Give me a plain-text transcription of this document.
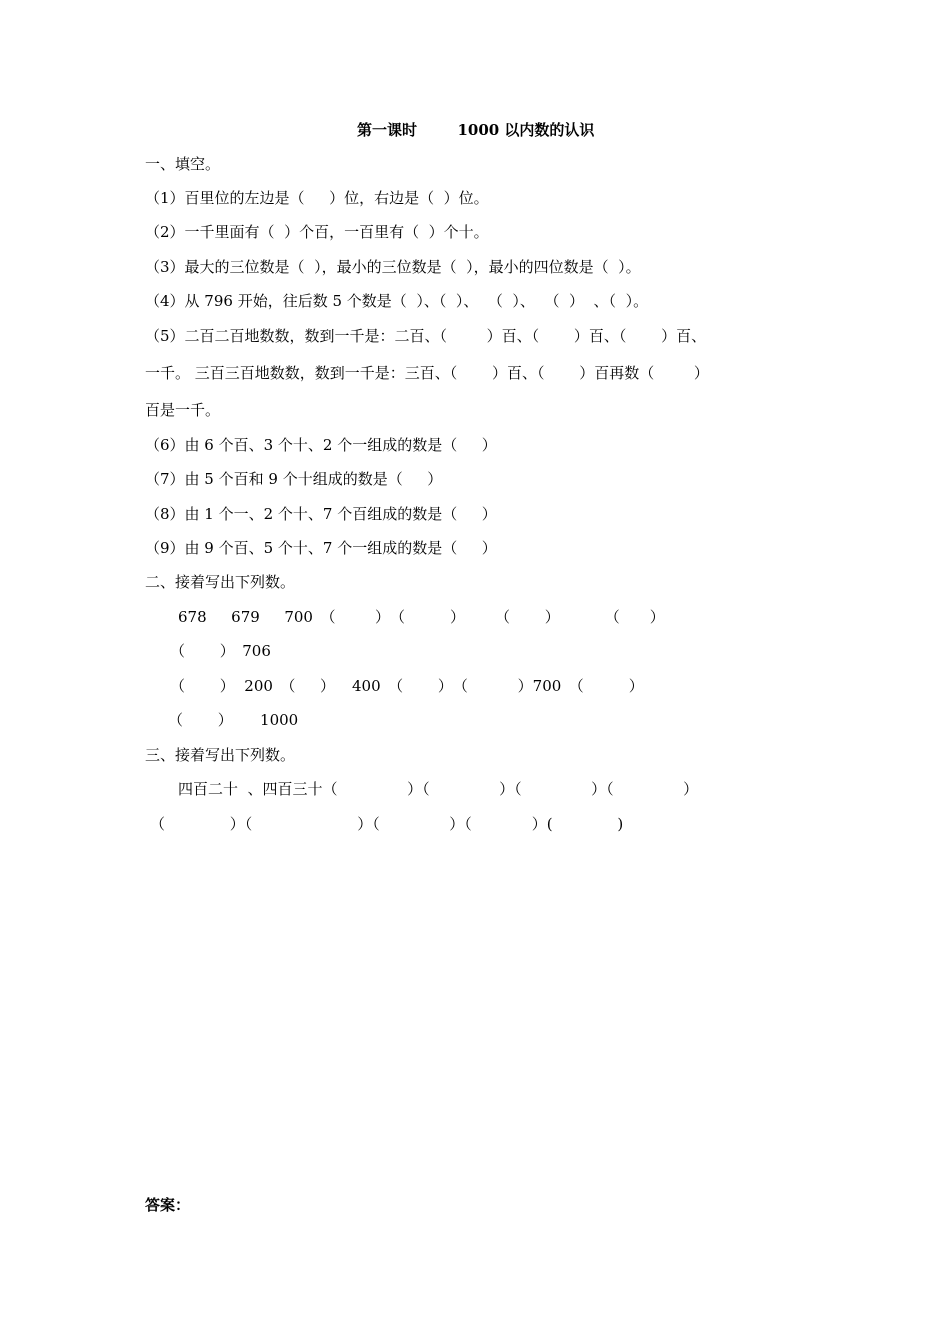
第一课时　　  1000 以内数的认识
一、填空。
（1）百里位的左边是（　  ）位，右边是（  ）位。
（2）一千里面有（  ）个百，一百里有（  ）个十。
（3）最大的三位数是（  ），最小的三位数是（  ），最小的四位数是（  ）。
（4）从 796 开始，往后数 5 个数是（  ）、（  ）、  （  ）、  （  ）  、（  ）。
（5）二百二百地数数，数到一千是：二百、（　　  ）百、（　　 ）百、（　　 ）百、
一千。 三百三百地数数，数到一千是：三百、（　　 ）百、（　　 ）百再数（　　  ）
百是一千。
（6）由 6 个百、3 个十、2 个一组成的数是（　  ）
（7）由 5 个百和 9 个十组成的数是（　  ）
（8）由 1 个一、2 个十、7 个百组成的数是（　  ）
（9）由 9 个百、5 个十、7 个一组成的数是（　  ）
二、接着写出下列数。
678　  679　  700　（　　  ）　（　　　）　　　（　　 ）　　　　（　　）
（　　 ）　706
（　　 ）  200　（　  ）　  400　（　　 ）　（　　　 ）700　（　　　）
（　　 ）　　 1000
三、接着写出下列数。
四百二十  、四百三十（　　　　  ）（　　　　  ）（　　　　  ）（　　　　  ）
（　　　　 ）（　　　　　　　）（　　　　  ）（　　　　）(　　　　 )
答案：
